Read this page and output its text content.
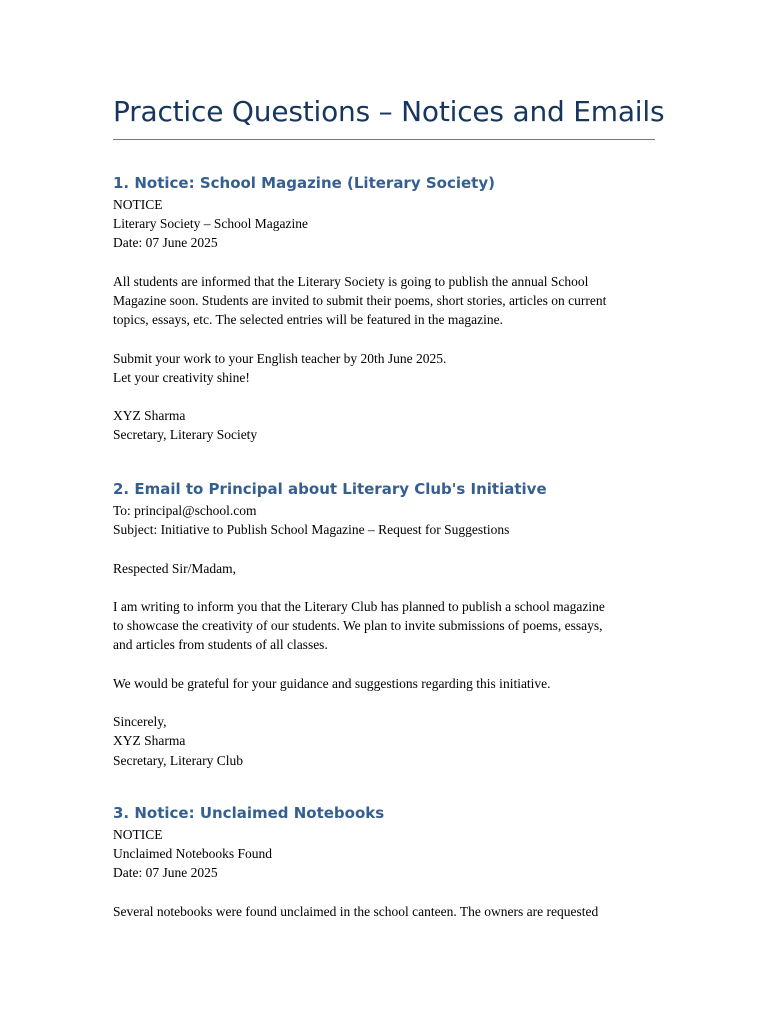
Practice Questions – Notices and Emails
1. Notice: School Magazine (Literary Society)

NOTICE

Literary Society – School Magazine

Date: 07 June 2025

All students are informed that the Literary Society is going to publish the annual School

Magazine soon. Students are invited to submit their poems, short stories, articles on current

topics, essays, etc. The selected entries will be featured in the magazine.

Submit your work to your English teacher by 20th June 2025.

Let your creativity shine!

XYZ Sharma

Secretary, Literary Society

2. Email to Principal about Literary Club's Initiative

To: principal@school.com

Subject: Initiative to Publish School Magazine – Request for Suggestions

Respected Sir/Madam,

I am writing to inform you that the Literary Club has planned to publish a school magazine

to showcase the creativity of our students. We plan to invite submissions of poems, essays,

and articles from students of all classes.

We would be grateful for your guidance and suggestions regarding this initiative.

Sincerely,

XYZ Sharma

Secretary, Literary Club

3. Notice: Unclaimed Notebooks

NOTICE

Unclaimed Notebooks Found

Date: 07 June 2025

Several notebooks were found unclaimed in the school canteen. The owners are requested
